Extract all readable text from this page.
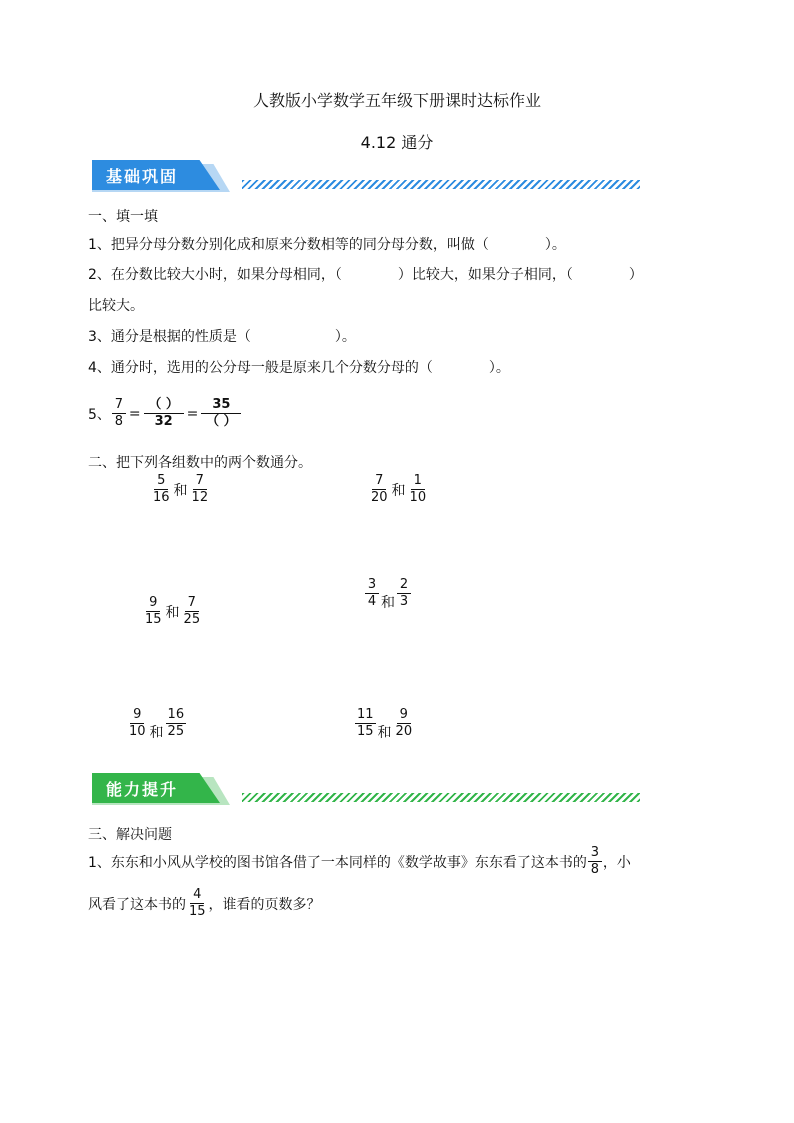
人教版小学数学五年级下册课时达标作业
4.12 通分
基础巩固
一、填一填
1、把异分母分数分别化成和原来分数相等的同分母分数，叫做（　　　　）。
2、在分数比较大小时，如果分母相同，（　　　　）比较大，如果分子相同，（　　　　）
比较大。
3、通分是根据的性质是（　　　　　　）。
4、通分时，选用的公分母一般是原来几个分数分母的（　　　　）。
5、 $\frac{7}{8} = \frac{( )}{32} = \frac{35}{( )}$
二、把下列各组数中的两个数通分。
$\frac{5}{16}$ 和 $\frac{7}{12}$	$\frac{7}{20}$ 和 $\frac{1}{10}$
$\frac{9}{15}$ 和 $\frac{7}{25}$
$\frac{3}{4}$ 和 $\frac{2}{3}$
$\frac{9}{10}$ 和 $\frac{16}{25}$	$\frac{11}{15}$ 和 $\frac{9}{20}$
能力提升
三、解决问题
1、东东和小风从学校的图书馆各借了一本同样的《数学故事》东东看了这本书的 $\frac{3}{8}$ ，小
风看了这本书的 $\frac{4}{15}$ ，谁看的页数多？
